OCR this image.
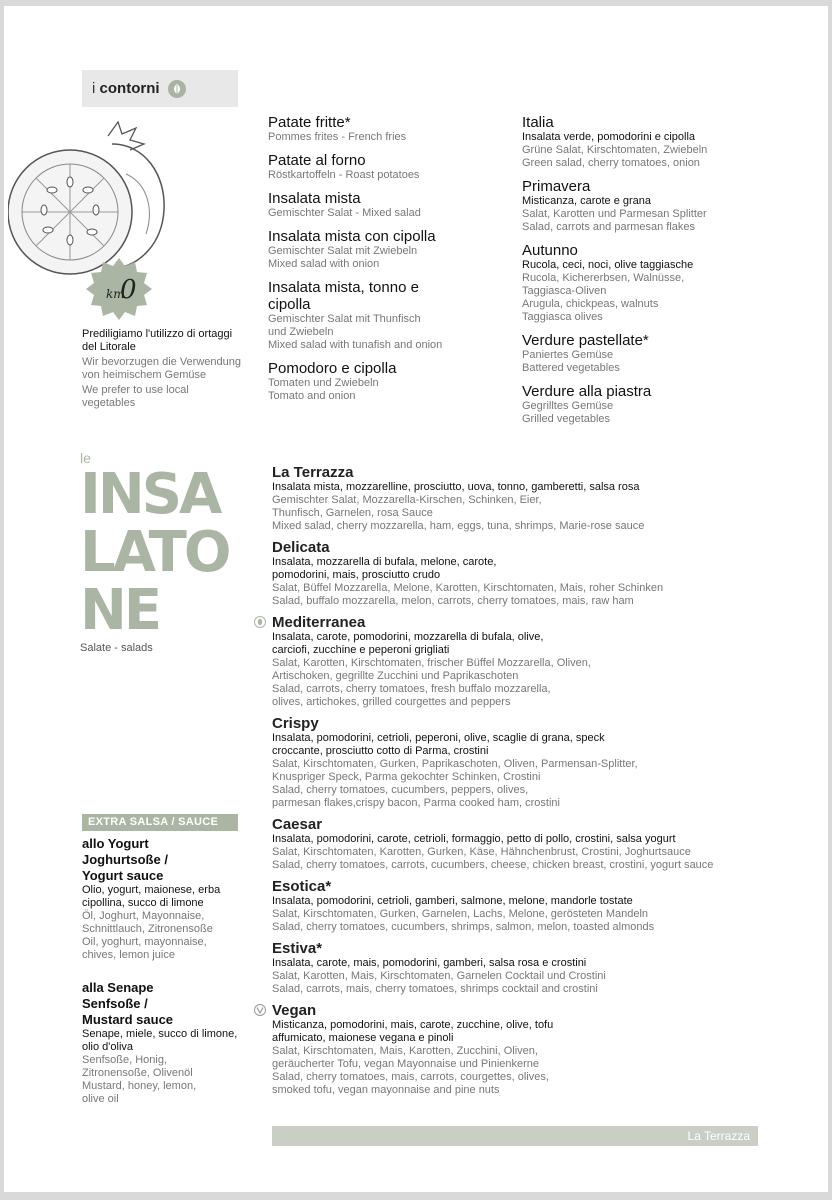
i contorni
km
0
Prediligiamo l'utilizzo di ortaggi del Litorale
Wir bevorzugen die Verwendung von heimischem Gemüse
We prefer to use local vegetables
Patate fritte*
Pommes frites - French fries
Patate al forno
Röstkartoffeln - Roast potatoes
Insalata mista
Gemischter Salat - Mixed salad
Insalata mista con cipolla
Gemischter Salat mit Zwiebeln
Mixed salad with onion
Insalata mista, tonno e cipolla
Gemischter Salat mit Thunfisch und Zwiebeln
Mixed salad with tunafish and onion
Pomodoro e cipolla
Tomaten und Zwiebeln
Tomato and onion
Italia
Insalata verde, pomodorini e cipolla
Grüne Salat, Kirschtomaten, Zwiebeln
Green salad, cherry tomatoes, onion
Primavera
Misticanza, carote e grana
Salat, Karotten und Parmesan Splitter
Salad, carrots and parmesan flakes
Autunno
Rucola, ceci, noci, olive taggiasche
Rucola, Kichererbsen, Walnüsse, Taggiasca-Oliven
Arugula, chickpeas, walnuts Taggiasca olives
Verdure pastellate*
Paniertes Gemüse
Battered vegetables
Verdure alla piastra
Gegrilltes Gemüse
Grilled vegetables
le
INSA
LATO
NE
Salate - salads
La Terrazza
Insalata mista, mozzarelline, prosciutto, uova, tonno, gamberetti, salsa rosa
Gemischter Salat, Mozzarella-Kirschen, Schinken, Eier, Thunfisch, Garnelen, rosa Sauce
Mixed salad, cherry mozzarella, ham, eggs, tuna, shrimps, Marie-rose sauce
Delicata
Insalata, mozzarella di bufala, melone, carote, pomodorini, mais, prosciutto crudo
Salat, Büffel Mozzarella, Melone, Karotten, Kirschtomaten, Mais, roher Schinken
Salad, buffalo mozzarella, melon, carrots, cherry tomatoes, mais, raw ham
Mediterranea
Insalata, carote, pomodorini, mozzarella di bufala, olive, carciofi, zucchine e peperoni grigliati
Salat, Karotten, Kirschtomaten, frischer Büffel Mozzarella, Oliven, Artischoken, gegrillte Zucchini und Paprikaschoten
Salad, carrots, cherry tomatoes, fresh buffalo mozzarella, olives, artichokes, grilled courgettes and peppers
Crispy
Insalata, pomodorini, cetrioli, peperoni, olive, scaglie di grana, speck croccante, prosciutto cotto di Parma, crostini
Salat, Kirschtomaten, Gurken, Paprikaschoten, Oliven, Parmensan-Splitter, Knuspriger Speck, Parma gekochter Schinken, Crostini
Salad, cherry tomatoes, cucumbers, peppers, olives, parmesan flakes,crispy bacon, Parma cooked ham, crostini
Caesar
Insalata, pomodorini, carote, cetrioli, formaggio, petto di pollo, crostini, salsa yogurt
Salat, Kirschtomaten, Karotten, Gurken, Käse, Hähnchenbrust, Crostini, Joghurtsauce
Salad, cherry tomatoes, carrots, cucumbers, cheese, chicken breast, crostini, yogurt sauce
Esotica*
Insalata, pomodorini, cetrioli, gamberi, salmone, melone, mandorle tostate
Salat, Kirschtomaten, Gurken, Garnelen, Lachs, Melone, gerösteten Mandeln
Salad, cherry tomatoes, cucumbers, shrimps, salmon, melon, toasted almonds
Estiva*
Insalata, carote, mais, pomodorini, gamberi, salsa rosa e crostini
Salat, Karotten, Mais, Kirschtomaten, Garnelen Cocktail und Crostini
Salad, carrots, mais, cherry tomatoes, shrimps cocktail and crostini
Vegan
Misticanza, pomodorini, mais, carote, zucchine, olive, tofu affumicato, maionese vegana e pinoli
Salat, Kirschtomaten, Mais, Karotten, Zucchini, Oliven, geräucherter Tofu, vegan Mayonnaise und Pinienkerne
Salad, cherry tomatoes, mais, carrots, courgettes, olives, smoked tofu, vegan mayonnaise and pine nuts
EXTRA SALSA / SAUCE
allo Yogurt Joghurtsoße / Yogurt sauce
Olio, yogurt, maionese, erba cipollina, succo di limone
Öl, Joghurt, Mayonnaise, Schnittlauch, Zitronensoße
Oil, yoghurt, mayonnaise, chives, lemon juice
alla Senape Senfsoße / Mustard sauce
Senape, miele, succo di limone, olio d'oliva
Senfsoße, Honig, Zitronensoße, Olivenöl
Mustard, honey, lemon, olive oil
La Terrazza
